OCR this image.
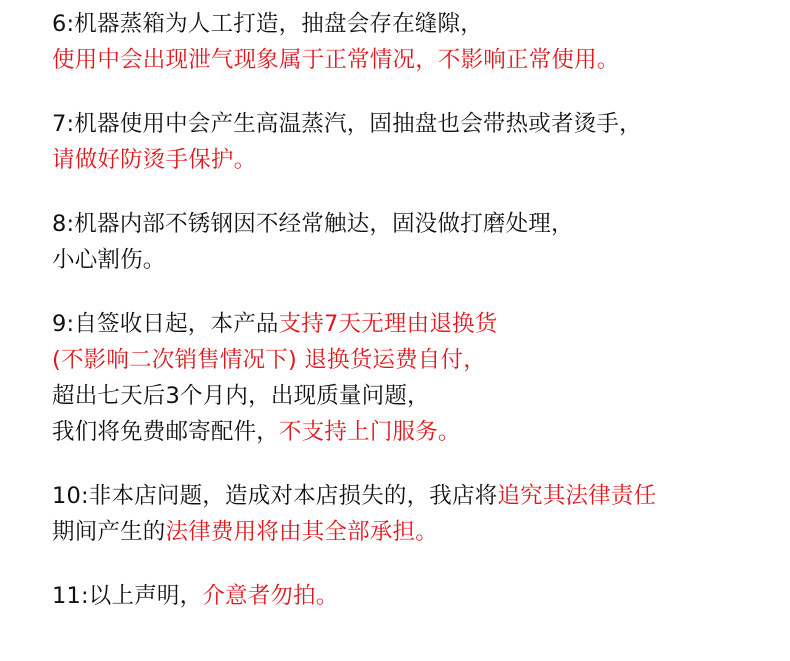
6:机器蒸箱为人工打造，抽盘会存在缝隙，
使用中会出现泄气现象属于正常情况，不影响正常使用。
7:机器使用中会产生高温蒸汽，固抽盘也会带热或者烫手，
请做好防烫手保护。
8:机器内部不锈钢因不经常触达，固没做打磨处理，
小心割伤。
9:自签收日起，本产品支持7天无理由退换货
(不影响二次销售情况下) 退换货运费自付，
超出七天后3个月内，出现质量问题，
我们将免费邮寄配件，不支持上门服务。
10:非本店问题，造成对本店损失的，我店将追究其法律责任
期间产生的法律费用将由其全部承担。
11:以上声明，介意者勿拍。
